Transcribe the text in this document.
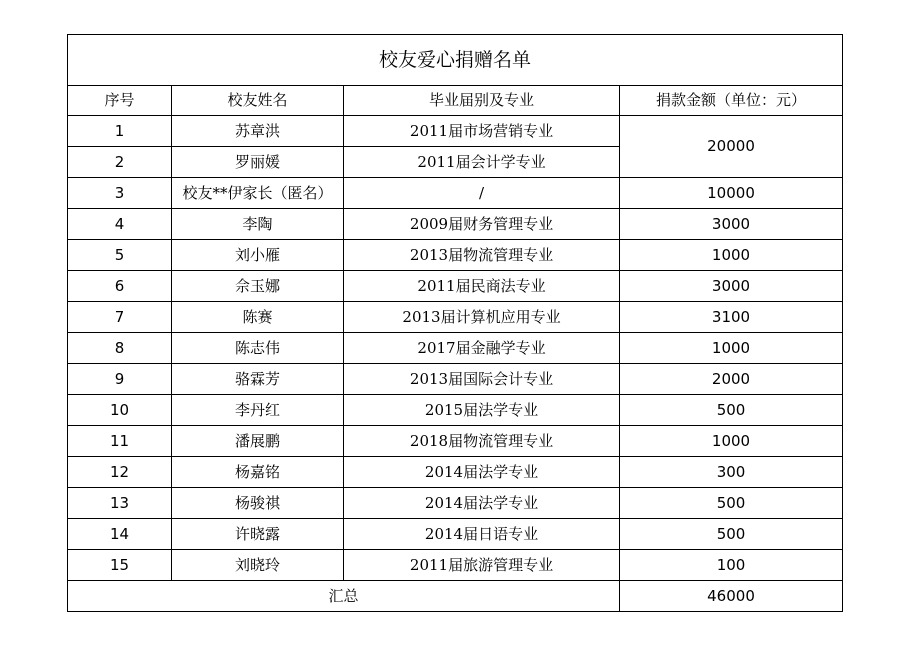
校友爱心捐赠名单			
序号	校友姓名	毕业届别及专业	捐款金额（单位：元）
1	苏章洪	2011届市场营销专业	20000
2	罗丽媛	2011届会计学专业	
3	校友**伊家长（匿名）	/	10000
4	李陶	2009届财务管理专业	3000
5	刘小雁	2013届物流管理专业	1000
6	佘玉娜	2011届民商法专业	3000
7	陈赛	2013届计算机应用专业	3100
8	陈志伟	2017届金融学专业	1000
9	骆霖芳	2013届国际会计专业	2000
10	李丹红	2015届法学专业	500
11	潘展鹏	2018届物流管理专业	1000
12	杨嘉铭	2014届法学专业	300
13	杨骏祺	2014届法学专业	500
14	许晓露	2014届日语专业	500
15	刘晓玲	2011届旅游管理专业	100
汇总			46000
